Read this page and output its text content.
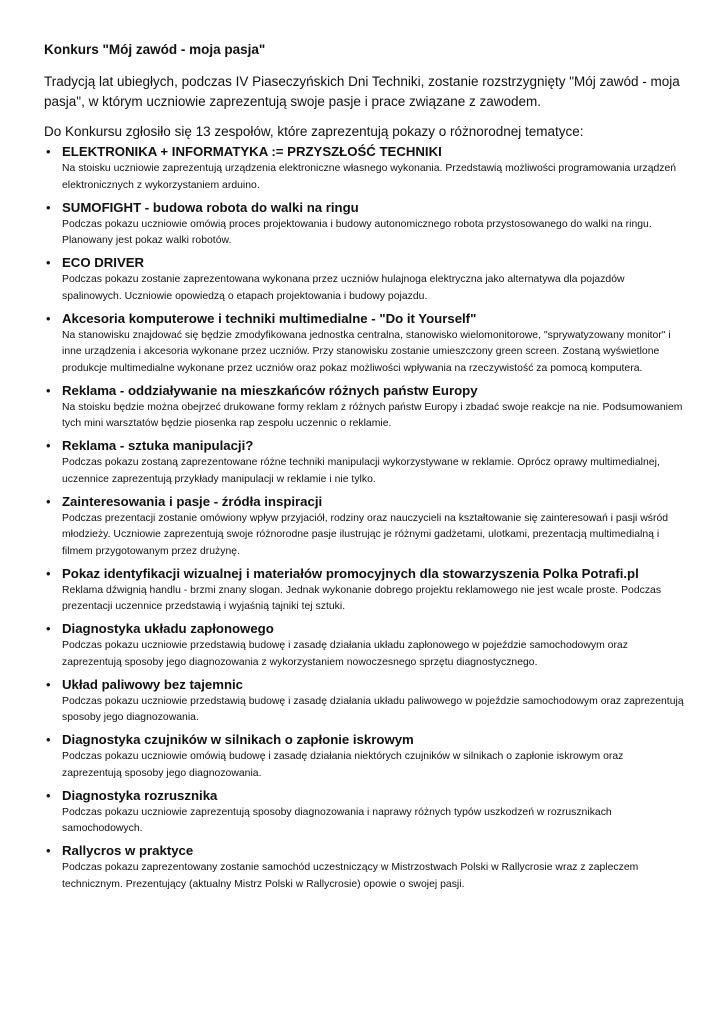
Konkurs "Mój zawód - moja pasja"

Tradycją lat ubiegłych, podczas IV Piaseczyńskich Dni Techniki, zostanie rozstrzygnięty "Mój zawód - moja pasja", w którym uczniowie zaprezentują swoje pasje i prace związane z zawodem.

Do Konkursu zgłosiło się 13 zespołów, które zaprezentują pokazy o różnorodnej tematyce:

• ELEKTRONIKA + INFORMATYKA := PRZYSZŁOŚĆ TECHNIKI
Na stoisku uczniowie zaprezentują urządzenia elektroniczne własnego wykonania. Przedstawią możliwości programowania urządzeń elektronicznych z wykorzystaniem arduino.
• SUMOFIGHT - budowa robota do walki na ringu
Podczas pokazu uczniowie omówią proces projektowania i budowy autonomicznego robota przystosowanego do walki na ringu. Planowany jest pokaz walki robotów.
• ECO DRIVER
Podczas pokazu zostanie zaprezentowana wykonana przez uczniów hulajnoga elektryczna jako alternatywa dla pojazdów spalinowych. Uczniowie opowiedzą o etapach projektowania i budowy pojazdu.
• Akcesoria komputerowe i techniki multimedialne - "Do it Yourself"
Na stanowisku znajdować się będzie zmodyfikowana jednostka centralna, stanowisko wielomonitorowe, "sprywatyzowany monitor" i inne urządzenia i akcesoria wykonane przez uczniów. Przy stanowisku zostanie umieszczony green screen. Zostaną wyświetlone produkcje multimedialne wykonane przez uczniów oraz pokaz możliwości wpływania na rzeczywistość za pomocą komputera.
• Reklama - oddziaływanie na mieszkańców różnych państw Europy
Na stoisku będzie można obejrzeć drukowane formy reklam z różnych państw Europy i zbadać swoje reakcje na nie. Podsumowaniem tych mini warsztatów będzie piosenka rap zespołu uczennic o reklamie.
• Reklama - sztuka manipulacji?
Podczas pokazu zostaną zaprezentowane różne techniki manipulacji wykorzystywane w reklamie. Oprócz oprawy multimedialnej, uczennice zaprezentują przykłady manipulacji w reklamie i nie tylko.
• Zainteresowania i pasje - źródła inspiracji
Podczas prezentacji zostanie omówiony wpływ przyjaciół, rodziny oraz nauczycieli na kształtowanie się zainteresowań i pasji wśród młodzieży. Uczniowie zaprezentują swoje różnorodne pasje ilustrując je różnymi gadżetami, ulotkami, prezentacją multimedialną i filmem przygotowanym przez drużynę.
• Pokaz identyfikacji wizualnej i materiałów promocyjnych dla stowarzyszenia Polka Potrafi.pl
Reklama dźwignią handlu - brzmi znany slogan. Jednak wykonanie dobrego projektu reklamowego nie jest wcale proste. Podczas prezentacji uczennice przedstawią i wyjaśnią tajniki tej sztuki.
• Diagnostyka układu zapłonowego
Podczas pokazu uczniowie przedstawią budowę i zasadę działania układu zapłonowego w pojeździe samochodowym oraz zaprezentują sposoby jego diagnozowania z wykorzystaniem nowoczesnego sprzętu diagnostycznego.
• Układ paliwowy bez tajemnic
Podczas pokazu uczniowie przedstawią budowę i zasadę działania układu paliwowego w pojeździe samochodowym oraz zaprezentują sposoby jego diagnozowania.
• Diagnostyka czujników w silnikach o zapłonie iskrowym
Podczas pokazu uczniowie omówią budowę i zasadę działania niektórych czujników w silnikach o zapłonie iskrowym oraz zaprezentują sposoby jego diagnozowania.
• Diagnostyka rozrusznika
Podczas pokazu uczniowie zaprezentują sposoby diagnozowania i naprawy różnych typów uszkodzeń w rozrusznikach samochodowych.
• Rallycros w praktyce
Podczas pokazu zaprezentowany zostanie samochód uczestniczący w Mistrzostwach Polski w Rallycrosie wraz z zapleczem technicznym. Prezentujący (aktualny Mistrz Polski w Rallycrosie) opowie o swojej pasji.
